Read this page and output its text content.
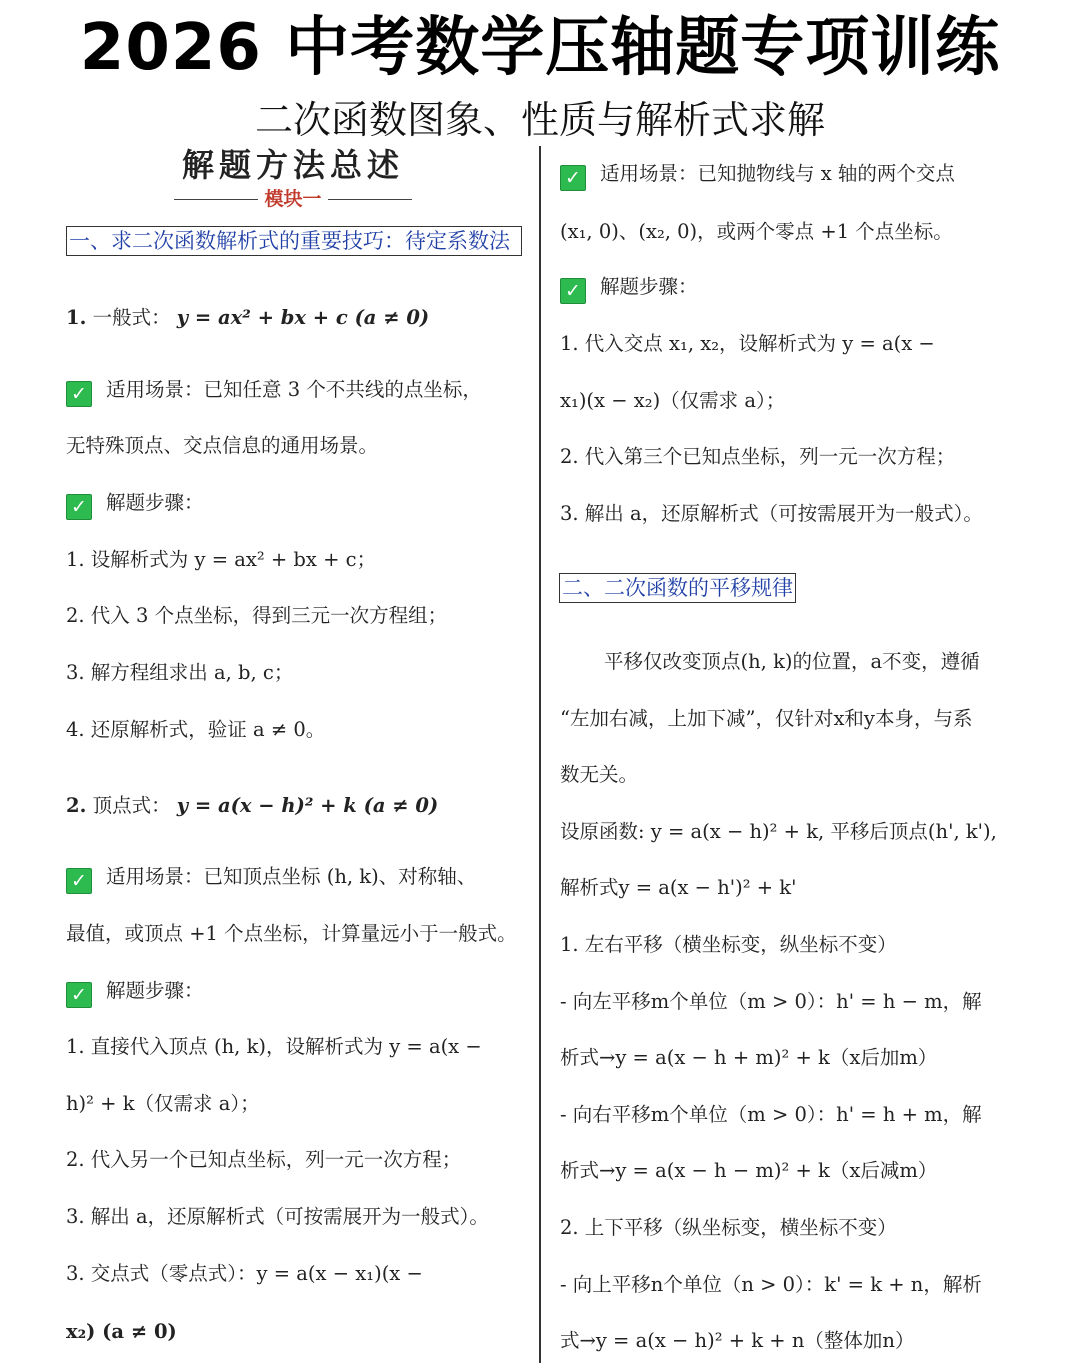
2026 中考数学压轴题专项训练
二次函数图象、性质与解析式求解
解题方法总述
模块一
一、求二次函数解析式的重要技巧：待定系数法
1. 一般式： y = ax² + bx + c (a ≠ 0)
✓ 适用场景：已知任意 3 个不共线的点坐标，
无特殊顶点、交点信息的通用场景。
✓ 解题步骤：
1. 设解析式为 y = ax² + bx + c；
2. 代入 3 个点坐标，得到三元一次方程组；
3. 解方程组求出 a, b, c；
4. 还原解析式，验证 a ≠ 0。
2. 顶点式： y = a(x − h)² + k (a ≠ 0)
✓ 适用场景：已知顶点坐标 (h, k)、对称轴、
最值，或顶点 +1 个点坐标，计算量远小于一般式。
✓ 解题步骤：
1. 直接代入顶点 (h, k)，设解析式为 y = a(x −
h)² + k（仅需求 a）；
2. 代入另一个已知点坐标，列一元一次方程；
3. 解出 a，还原解析式（可按需展开为一般式）。
3. 交点式（零点式）：y = a(x − x₁)(x −
x₂) (a ≠ 0)
✓ 适用场景：已知抛物线与 x 轴的两个交点
(x₁, 0)、(x₂, 0)，或两个零点 +1 个点坐标。
✓ 解题步骤：
1. 代入交点 x₁, x₂，设解析式为 y = a(x −
x₁)(x − x₂)（仅需求 a）；
2. 代入第三个已知点坐标，列一元一次方程；
3. 解出 a，还原解析式（可按需展开为一般式）。
二、二次函数的平移规律
平移仅改变顶点(h, k)的位置，a不变，遵循
“左加右减，上加下减”，仅针对x和y本身，与系
数无关。
设原函数: y = a(x − h)² + k, 平移后顶点(h', k'),
解析式y = a(x − h')² + k'
1. 左右平移（横坐标变，纵坐标不变）
- 向左平移m个单位（m > 0）：h' = h − m，解
析式→y = a(x − h + m)² + k（x后加m）
- 向右平移m个单位（m > 0）：h' = h + m，解
析式→y = a(x − h − m)² + k（x后减m）
2. 上下平移（纵坐标变，横坐标不变）
- 向上平移n个单位（n > 0）：k' = k + n，解析
式→y = a(x − h)² + k + n（整体加n）
